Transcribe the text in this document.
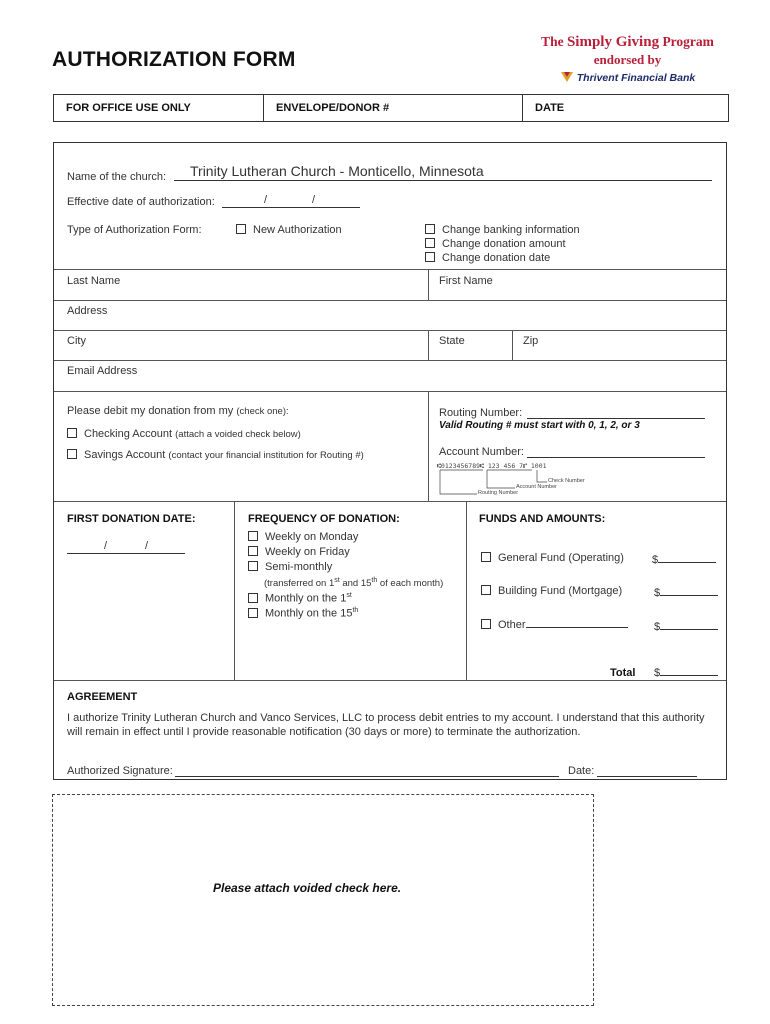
AUTHORIZATION FORM
The Simply Giving Program
endorsed by
Thrivent Financial Bank
FOR OFFICE USE ONLY	ENVELOPE/DONOR #	DATE
Name of the church: Trinity Lutheran Church - Monticello, Minnesota
Effective date of authorization:	/	/
Type of Authorization Form:	New Authorization	Change banking information
Change donation amount
Change donation date
Last Name	First Name
Address
City	State	Zip
Email Address
Please debit my donation from my (check one):
Checking Account (attach a voided check below)
Savings Account (contact your financial institution for Routing #)
Routing Number:
Valid Routing # must start with 0, 1, 2, or 3
Account Number:
⑆0123456789⑆ 123 456 7⑈ 1001
Check Number
Account Number
Routing Number
FIRST DONATION DATE:
/	/
FREQUENCY OF DONATION:
Weekly on Monday
Weekly on Friday
Semi-monthly
(transferred on 1st and 15th of each month)
Monthly on the 1st
Monthly on the 15th
FUNDS AND AMOUNTS:
General Fund (Operating)	$
Building Fund (Mortgage)	$
Other	$
Total $
AGREEMENT
I authorize Trinity Lutheran Church and Vanco Services, LLC to process debit entries to my account. I understand that this authority will remain in effect until I provide reasonable notification (30 days or more) to terminate the authorization.
Authorized Signature:	Date:
Please attach voided check here.
